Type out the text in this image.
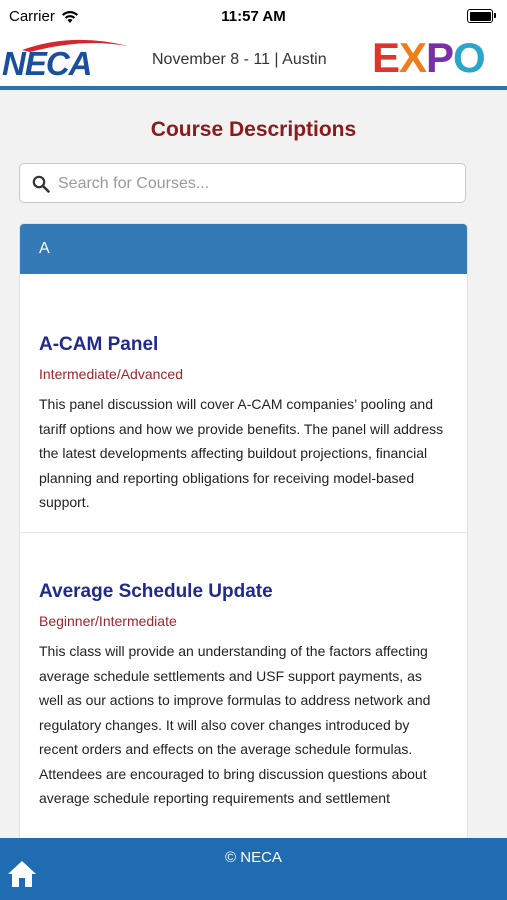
Carrier	11:57 AM
NECA	November 8 - 11 | Austin EXPO
Course Descriptions
Search for Courses...
A
A-CAM Panel
Intermediate/Advanced
This panel discussion will cover A-CAM companies’ pooling and tariff options and how we provide benefits. The panel will address the latest developments affecting buildout projections, financial planning and reporting obligations for receiving model-based support.
Average Schedule Update
Beginner/Intermediate
This class will provide an understanding of the factors affecting average schedule settlements and USF support payments, as well as our actions to improve formulas to address network and regulatory changes. It will also cover changes introduced by recent orders and effects on the average schedule formulas. Attendees are encouraged to bring discussion questions about average schedule reporting requirements and settlement
© NECA
